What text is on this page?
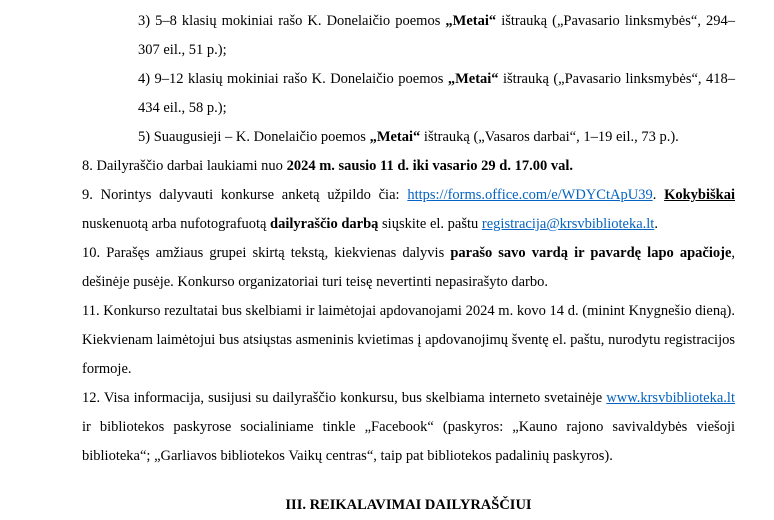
3) 5–8 klasių mokiniai rašo K. Donelaičio poemos „Metai“ ištrauką („Pavasario linksmybės“, 294–307 eil., 51 p.);

4) 9–12 klasių mokiniai rašo K. Donelaičio poemos „Metai“ ištrauką („Pavasario linksmybės“, 418–434 eil., 58 p.);

5) Suaugusieji – K. Donelaičio poemos „Metai“ ištrauką („Vasaros darbai“, 1–19 eil., 73 p.).

8. Dailyraščio darbai laukiami nuo 2024 m. sausio 11 d. iki vasario 29 d. 17.00 val.

9. Norintys dalyvauti konkurse anketą užpildo čia: https://forms.office.com/e/WDYCtApU39. Kokybiškai nuskenuotą arba nufotografuotą dailyraščio darbą siųskite el. paštu registracija@krsvbiblioteka.lt.

10. Parašęs amžiaus grupei skirtą tekstą, kiekvienas dalyvis parašo savo vardą ir pavardę lapo apačioje, dešinėje pusėje. Konkurso organizatoriai turi teisę nevertinti nepasirašyto darbo.

11. Konkurso rezultatai bus skelbiami ir laimėtojai apdovanojami 2024 m. kovo 14 d. (minint Knygnešio dieną). Kiekvienam laimėtojui bus atsiųstas asmeninis kvietimas į apdovanojimų šventę el. paštu, nurodytu registracijos formoje.

12. Visa informacija, susijusi su dailyraščio konkursu, bus skelbiama interneto svetainėje www.krsvbiblioteka.lt ir bibliotekos paskyrose socialiniame tinkle „Facebook“ (paskyros: „Kauno rajono savivaldybės viešoji biblioteka“; „Garliavos bibliotekos Vaikų centras“, taip pat bibliotekos padalinių paskyros).

III. REIKALAVIMAI DAILYRAŠČIUI
